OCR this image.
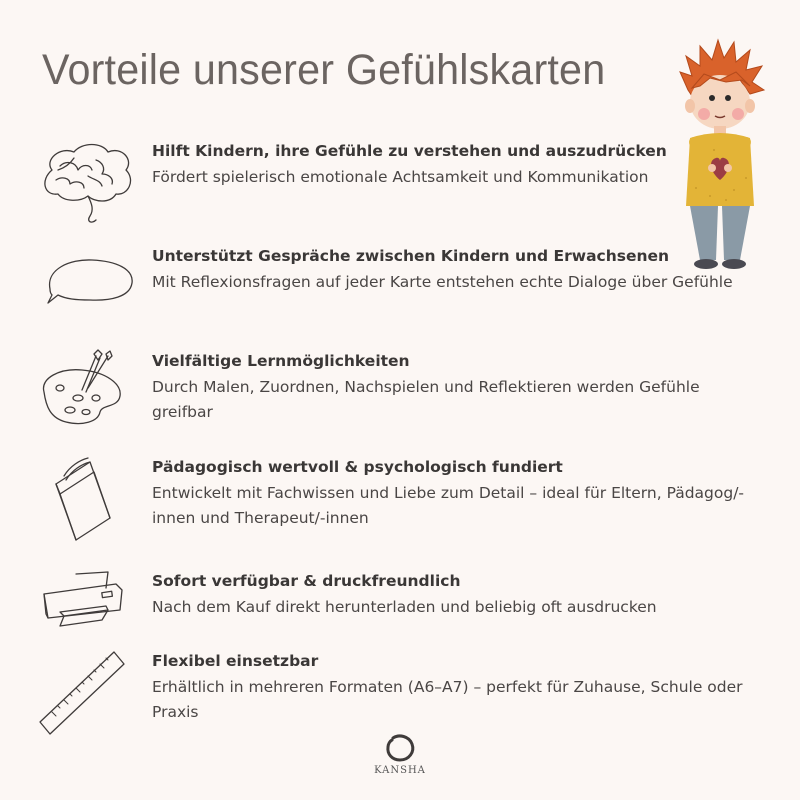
Vorteile unserer Gefühlskarten
Hilft Kindern, ihre Gefühle zu verstehen und auszudrücken
Fördert spielerisch emotionale Achtsamkeit und Kommunikation
Unterstützt Gespräche zwischen Kindern und Erwachsenen
Mit Reflexionsfragen auf jeder Karte entstehen echte Dialoge über Gefühle
Vielfältige Lernmöglichkeiten
Durch Malen, Zuordnen, Nachspielen und Reflektieren werden Gefühle greifbar
Pädagogisch wertvoll & psychologisch fundiert
Entwickelt mit Fachwissen und Liebe zum Detail – ideal für Eltern, Pädagog/-innen und Therapeut/-innen
Sofort verfügbar & druckfreundlich
Nach dem Kauf direkt herunterladen und beliebig oft ausdrucken
Flexibel einsetzbar
Erhältlich in mehreren Formaten (A6–A7) – perfekt für Zuhause, Schule oder Praxis
KANSHA
